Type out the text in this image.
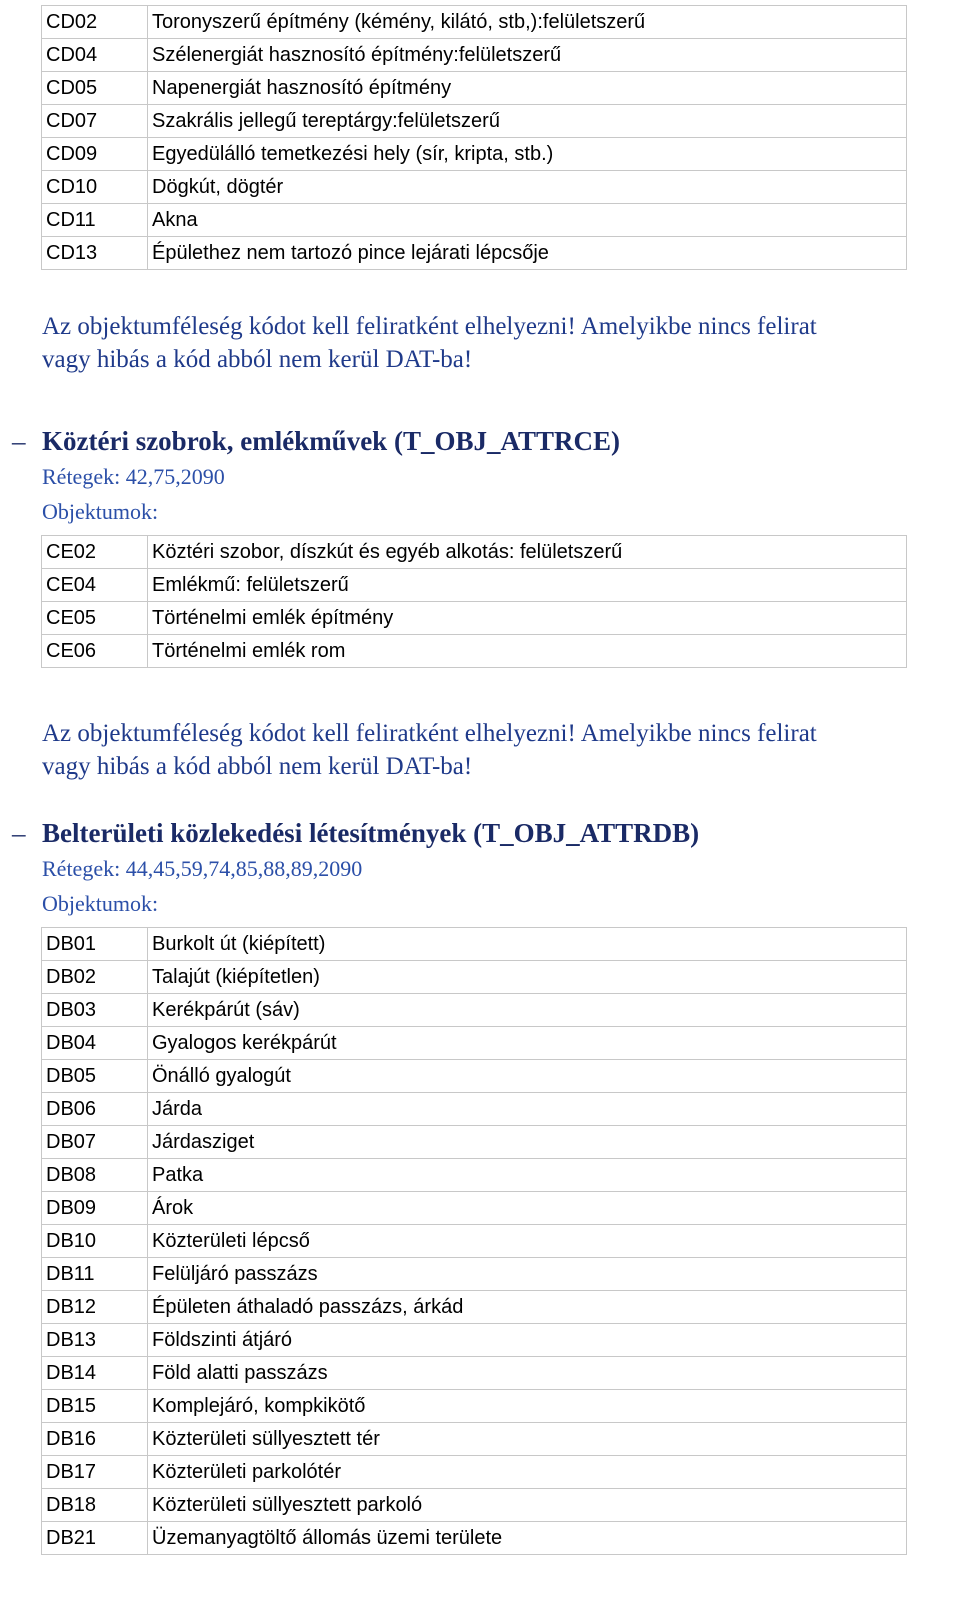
CD02	Toronyszerű építmény (kémény, kilátó, stb,):felületszerű
CD04	Szélenergiát hasznosító építmény:felületszerű
CD05	Napenergiát hasznosító építmény
CD07	Szakrális jellegű tereptárgy:felületszerű
CD09	Egyedülálló temetkezési hely (sír, kripta, stb.)
CD10	Dögkút, dögtér
CD11	Akna
CD13	Épülethez nem tartozó pince lejárati lépcsője

Az objektumféleség kódot kell feliratként elhelyezni! Amelyikbe nincs felirat
vagy hibás a kód abból nem kerül DAT-ba!

– Köztéri szobrok, emlékművek (T_OBJ_ATTRCE)

Rétegek: 42,75,2090

Objektumok:

CE02	Köztéri szobor, díszkút és egyéb alkotás: felületszerű
CE04	Emlékmű: felületszerű
CE05	Történelmi emlék építmény
CE06	Történelmi emlék rom

Az objektumféleség kódot kell feliratként elhelyezni! Amelyikbe nincs felirat
vagy hibás a kód abból nem kerül DAT-ba!

– Belterületi közlekedési létesítmények (T_OBJ_ATTRDB)

Rétegek: 44,45,59,74,85,88,89,2090

Objektumok:

DB01	Burkolt út (kiépített)
DB02	Talajút (kiépítetlen)
DB03	Kerékpárút (sáv)
DB04	Gyalogos kerékpárút
DB05	Önálló gyalogút
DB06	Járda
DB07	Járdasziget
DB08	Patka
DB09	Árok
DB10	Közterületi lépcső
DB11	Felüljáró passzázs
DB12	Épületen áthaladó passzázs, árkád
DB13	Földszinti átjáró
DB14	Föld alatti passzázs
DB15	Komplejáró, kompkikötő
DB16	Közterületi süllyesztett tér
DB17	Közterületi parkolótér
DB18	Közterületi süllyesztett parkoló
DB21	Üzemanyagtöltő állomás üzemi területe
